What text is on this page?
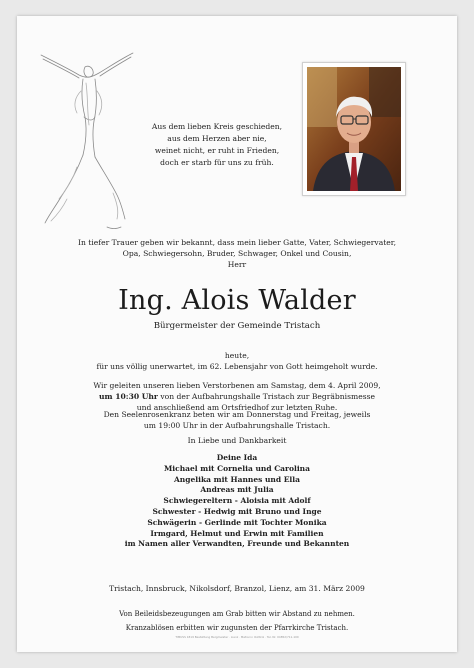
Aus dem lieben Kreis geschieden,
aus dem Herzen aber nie,
weinet nicht, er ruht in Frieden,
doch er starb für uns zu früh.
In tiefer Trauer geben wir bekannt, dass mein lieber Gatte, Vater, Schwiegervater,
Opa, Schwiegersohn, Bruder, Schwager, Onkel und Cousin,
Herr
Ing. Alois Walder
Bürgermeister der Gemeinde Tristach
heute,
für uns völlig unerwartet, im 62. Lebensjahr von Gott heimgeholt wurde.
Wir geleiten unseren lieben Verstorbenen am Samstag, dem 4. April 2009,
um 10:30 Uhr von der Aufbahrungshalle Tristach zur Begräbnismesse
und anschließend am Ortsfriedhof zur letzten Ruhe.
Den Seelenrosenkranz beten wir am Donnerstag und Freitag, jeweils
um 19:00 Uhr in der Aufbahrungshalle Tristach.
In Liebe und Dankbarkeit
Deine Ida
Michael mit Cornelia und Carolina
Angelika mit Hannes und Ella
Andreas mit Julia
Schwiegereltern - Aloisia mit Adolf
Schwester - Hedwig mit Bruno und Inge
Schwägerin - Gerlinde mit Tochter Monika
Irmgard, Helmut und Erwin mit Familien
im Namen aller Verwandten, Freunde und Bekannten
Tristach, Innsbruck, Nikolsdorf, Branzol, Lienz, am 31. März 2009
Von Beileidsbezeugungen am Grab bitten wir Abstand zu nehmen.
Kranzablösen erbitten wir zugunsten der Pfarrkirche Tristach.
TIMUSS 1819 Bestattung Bergmeister · Lienz · Matrei in Osttirol · Tel. Nr. 04852/711-100
